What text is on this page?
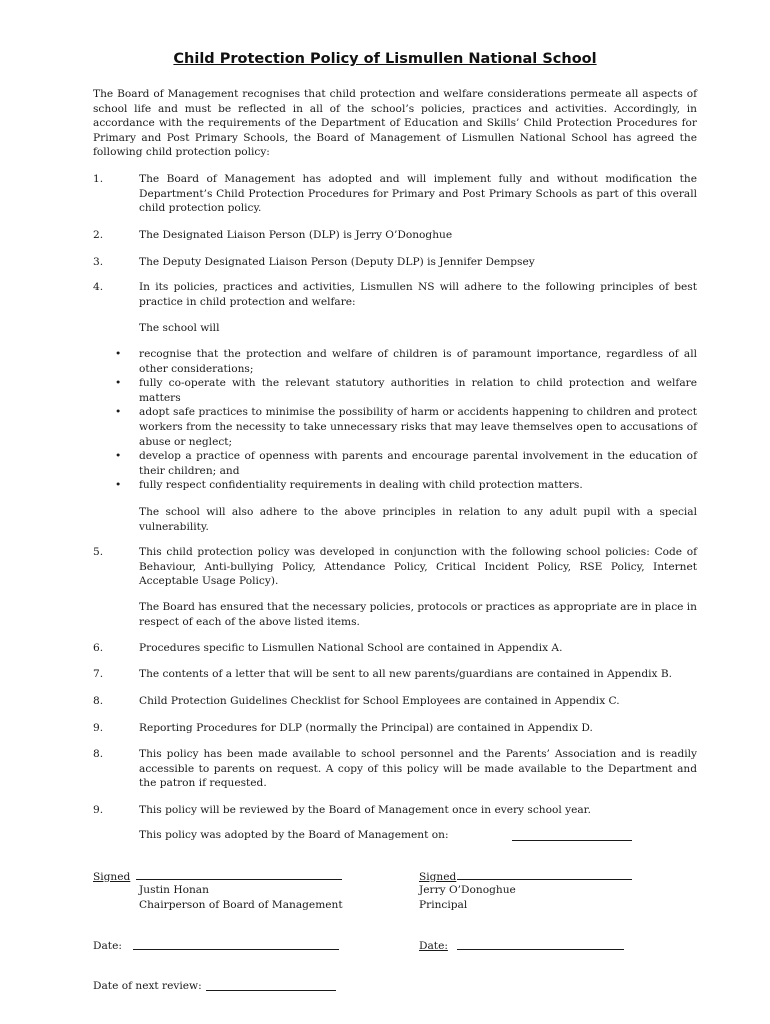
Child Protection Policy of Lismullen National School
The Board of Management recognises that child protection and welfare considerations permeate all aspects of school life and must be reflected in all of the school’s policies, practices and activities. Accordingly, in accordance with the requirements of the Department of Education and Skills’ Child Protection Procedures for Primary and Post Primary Schools, the Board of Management of Lismullen National School has agreed the following child protection policy:
1.	The Board of Management has adopted and will implement fully and without modification the Department’s Child Protection Procedures for Primary and Post Primary Schools as part of this overall child protection policy.
2.	The Designated Liaison Person (DLP) is Jerry O’Donoghue
3.	The Deputy Designated Liaison Person (Deputy DLP) is Jennifer Dempsey
4.	In its policies, practices and activities, Lismullen NS will adhere to the following principles of best practice in child protection and welfare:
The school will
• recognise that the protection and welfare of children is of paramount importance, regardless of all other considerations;
• fully co-operate with the relevant statutory authorities in relation to child protection and welfare matters
• adopt safe practices to minimise the possibility of harm or accidents happening to children and protect workers from the necessity to take unnecessary risks that may leave themselves open to accusations of abuse or neglect;
• develop a practice of openness with parents and encourage parental involvement in the education of their children; and
• fully respect confidentiality requirements in dealing with child protection matters.
The school will also adhere to the above principles in relation to any adult pupil with a special vulnerability.
5.	This child protection policy was developed in conjunction with the following school policies: Code of Behaviour, Anti-bullying Policy, Attendance Policy, Critical Incident Policy, RSE Policy, Internet Acceptable Usage Policy).
The Board has ensured that the necessary policies, protocols or practices as appropriate are in place in respect of each of the above listed items.
6.	Procedures specific to Lismullen National School are contained in Appendix A.
7.	The contents of a letter that will be sent to all new parents/guardians are contained in Appendix B.
8.	Child Protection Guidelines Checklist for School Employees are contained in Appendix C.
9.	Reporting Procedures for DLP (normally the Principal) are contained in Appendix D.
8.	This policy has been made available to school personnel and the Parents’ Association and is readily accessible to parents on request. A copy of this policy will be made available to the Department and the patron if requested.
9.	This policy will be reviewed by the Board of Management once in every school year.
This policy was adopted by the Board of Management on:
Signed
Justin Honan
Chairperson of Board of Management
Signed
Jerry O’Donoghue
Principal
Date:	Date:
Date of next review:
